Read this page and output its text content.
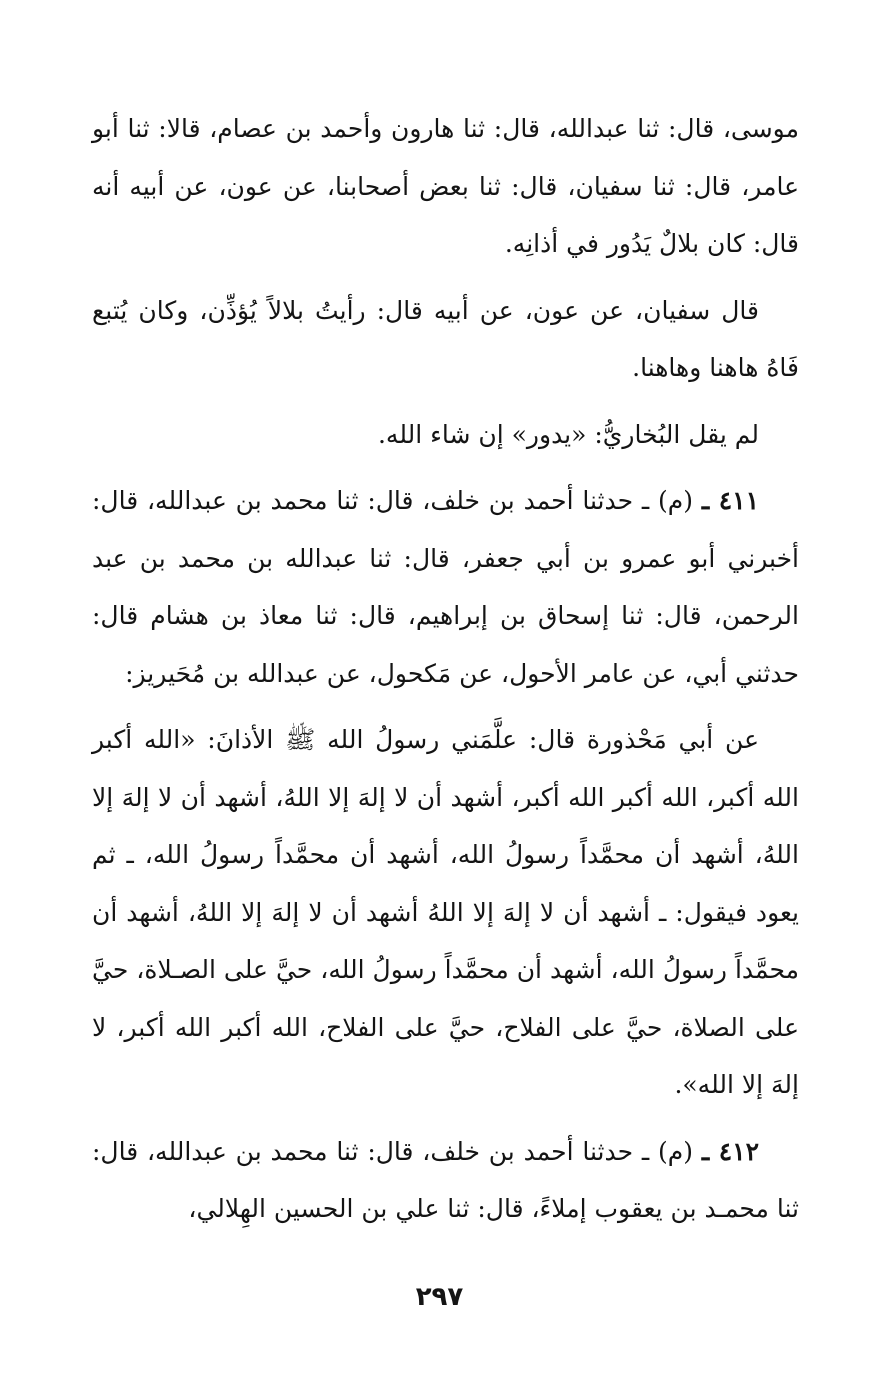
موسى، قال: ثنا عبدالله، قال: ثنا هارون وأحمد بن عصام، قالا: ثنا أبو عامر، قال: ثنا سفيان، قال: ثنا بعض أصحابنا، عن عون، عن أبيه أنه قال: كان بلالٌ يَدُور في أذانِه.

قال سفيان، عن عون، عن أبيه قال: رأيتُ بلالاً يُؤذِّن، وكان يُتبع فَاهُ هاهنا وهاهنا.

لم يقل البُخاريُّ: «يدور» إن شاء الله.

٤١١ ـ (م) ـ حدثنا أحمد بن خلف، قال: ثنا محمد بن عبدالله، قال: أخبرني أبو عمرو بن أبي جعفر، قال: ثنا عبدالله بن محمد بن عبد الرحمن، قال: ثنا إسحاق بن إبراهيم، قال: ثنا معاذ بن هشام قال: حدثني أبي، عن عامر الأحول، عن مَكحول، عن عبدالله بن مُحَيريز:

عن أبي مَحْذورة قال: علَّمَني رسولُ الله ﷺ الأذانَ: «الله أكبر الله أكبر، الله أكبر الله أكبر، أشهد أن لا إلهَ إلا اللهُ، أشهد أن لا إلهَ إلا اللهُ، أشهد أن محمَّداً رسولُ الله، أشهد أن محمَّداً رسولُ الله، ـ ثم يعود فيقول: ـ أشهد أن لا إلهَ إلا اللهُ أشهد أن لا إلهَ إلا اللهُ، أشهد أن محمَّداً رسولُ الله، أشهد أن محمَّداً رسولُ الله، حيَّ على الصـلاة، حيَّ على الصلاة، حيَّ على الفلاح، حيَّ على الفلاح، الله أكبر الله أكبر، لا إلهَ إلا الله».

٤١٢ ـ (م) ـ حدثنا أحمد بن خلف، قال: ثنا محمد بن عبدالله، قال: ثنا محمـد بن يعقوب إملاءً، قال: ثنا علي بن الحسين الهِلالي،

٢٩٧
